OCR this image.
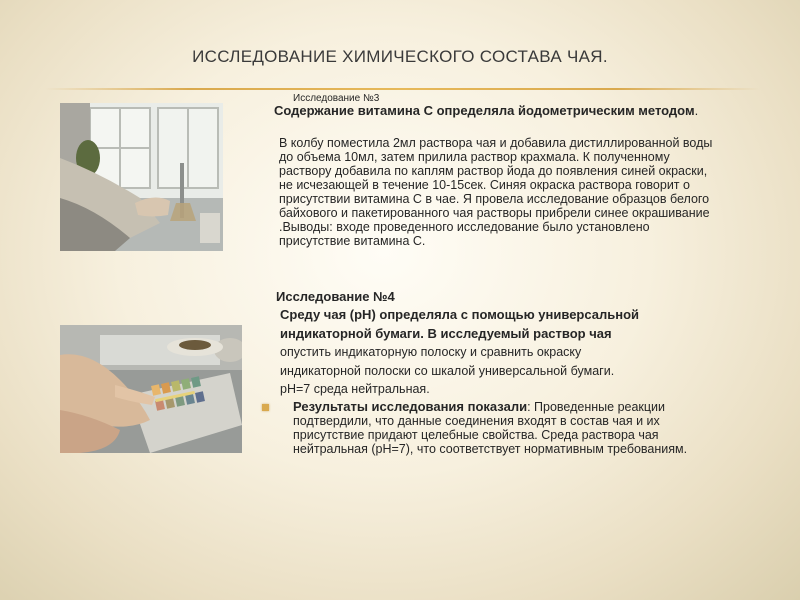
ИССЛЕДОВАНИЕ ХИМИЧЕСКОГО СОСТАВА ЧАЯ.
Исследование №3
Содержание витамина С определяла йодометрическим методом.
В колбу поместила 2мл раствора чая и добавила дистиллированной воды до объема 10мл, затем прилила раствор крахмала. К полученному раствору добавила по каплям раствор йода до появления синей окраски, не исчезающей в течение 10-15сек. Синяя окраска раствора говорит о присутствии витамина С в чае. Я провела исследование образцов белого байхового и пакетированного чая растворы прибрели синее окрашивание .Выводы: входе проведенного исследование было установлено присутствие витамина С.
Исследование №4
Среду чая (рН) определяла с помощью универсальной
индикаторной бумаги. В исследуемый раствор чая
опустить индикаторную полоску и сравнить окраску
индикаторной полоски со шкалой универсальной бумаги.
рН=7 среда нейтральная.
Результаты исследования показали: Проведенные реакции подтвердили, что данные соединения входят в состав чая и их присутствие придают целебные свойства. Среда раствора чая нейтральная (рН=7), что соответствует нормативным требованиям.
